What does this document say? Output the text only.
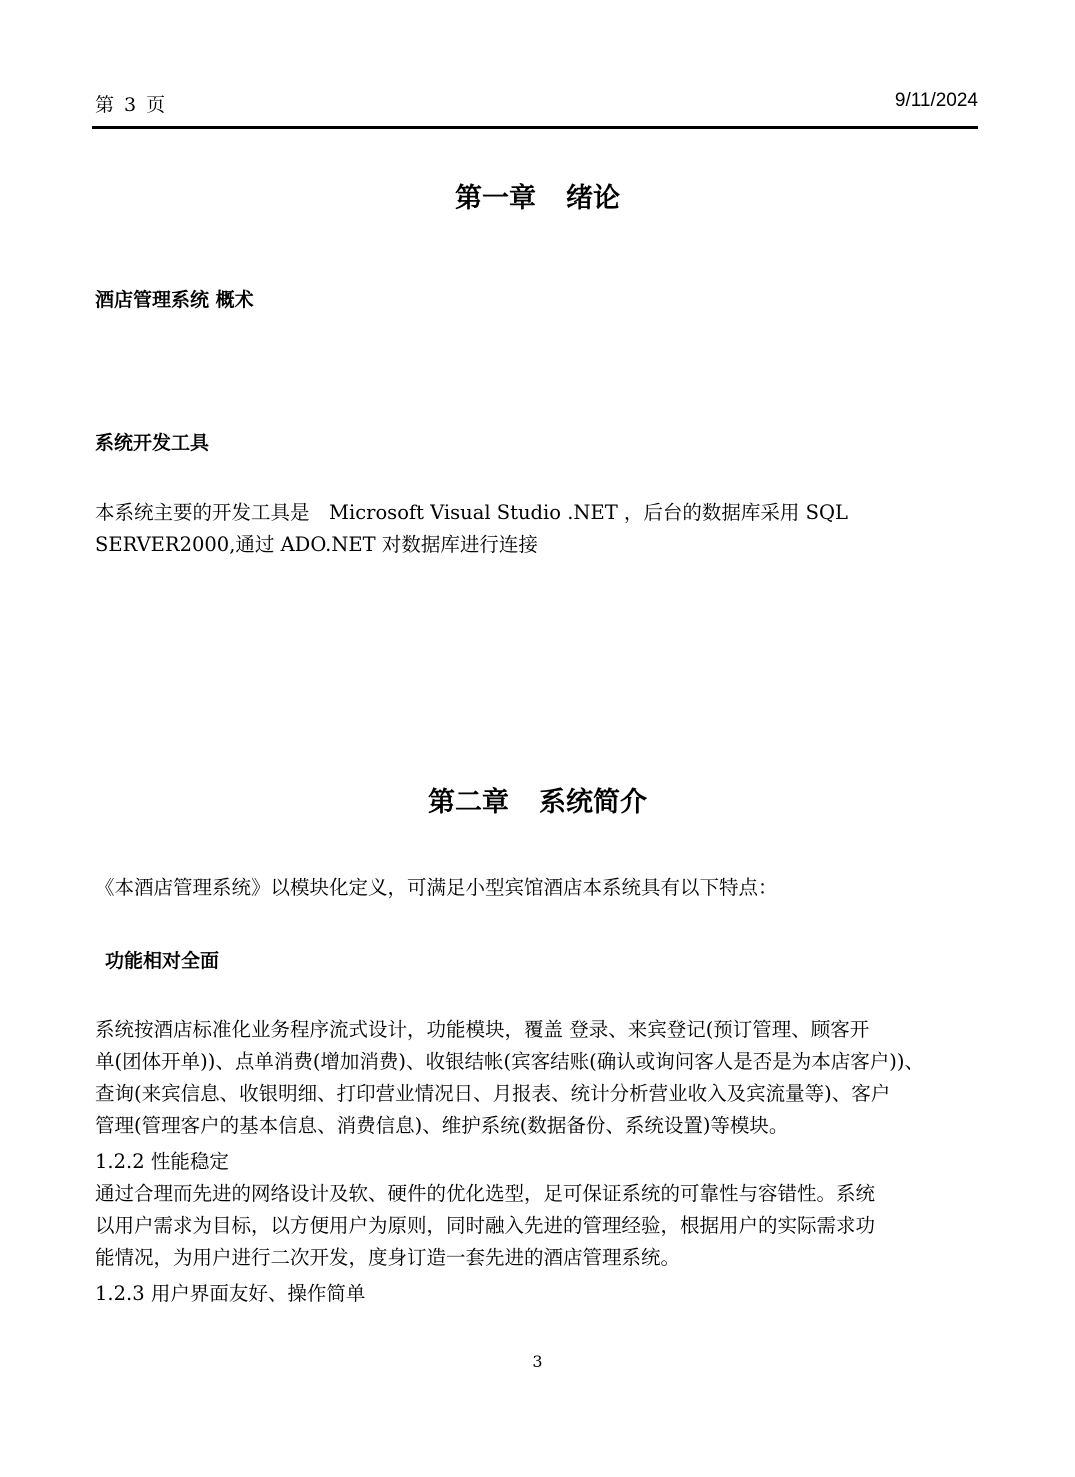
第 3 页	9/11/2024
第一章 绪论
酒店管理系统 概术
系统开发工具
本系统主要的开发工具是　Microsoft Visual Studio .NET ，后台的数据库采用 SQL
SERVER2000,通过 ADO.NET 对数据库进行连接
第二章 系统简介
《本酒店管理系统》以模块化定义，可满足小型宾馆酒店本系统具有以下特点：
功能相对全面
系统按酒店标准化业务程序流式设计，功能模块，覆盖 登录、来宾登记(预订管理、顾客开
单(团体开单))、点单消费(增加消费)、收银结帐(宾客结账(确认或询问客人是否是为本店客户))、
查询(来宾信息、收银明细、打印营业情况日、月报表、统计分析营业收入及宾流量等)、客户
管理(管理客户的基本信息、消费信息)、维护系统(数据备份、系统设置)等模块。
1.2.2 性能稳定
通过合理而先进的网络设计及软、硬件的优化选型，足可保证系统的可靠性与容错性。系统
以用户需求为目标，以方便用户为原则，同时融入先进的管理经验，根据用户的实际需求功
能情况，为用户进行二次开发，度身订造一套先进的酒店管理系统。
1.2.3 用户界面友好、操作简单
3
